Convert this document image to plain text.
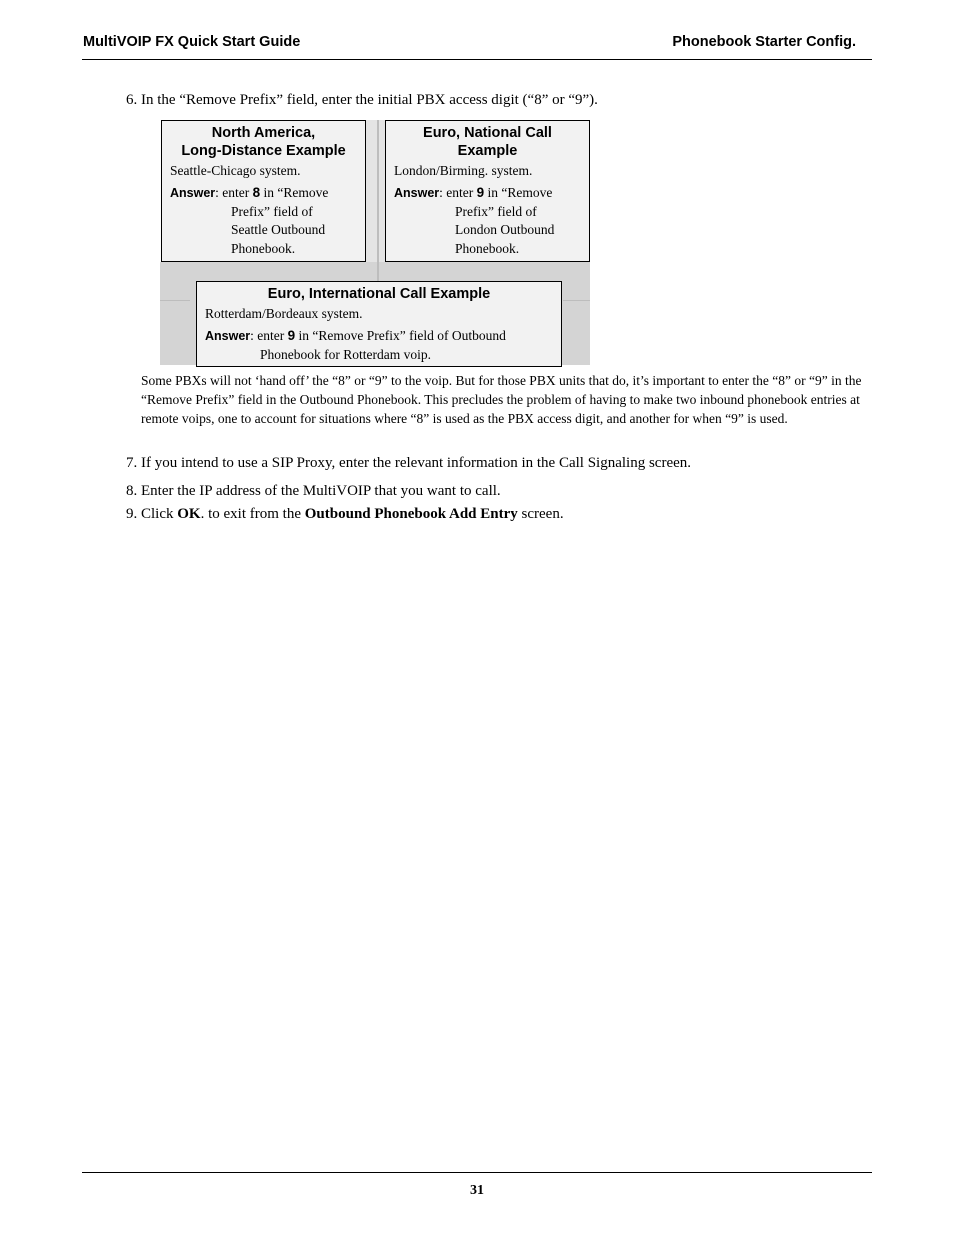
MultiVOIP FX Quick Start Guide	Phonebook Starter Config.
6. In the “Remove Prefix” field, enter the initial PBX access digit (“8” or “9”).
North America,
Long-Distance Example
Seattle-Chicago system.
Answer: enter 8 in “Remove
Prefix” field of
Seattle Outbound
Phonebook.
Euro, National Call
Example
London/Birming. system.
Answer: enter 9 in “Remove
Prefix” field of
London Outbound
Phonebook.
Euro, International Call Example
Rotterdam/Bordeaux system.
Answer: enter 9 in “Remove Prefix” field of Outbound
Phonebook for Rotterdam voip.
Some PBXs will not ‘hand off’ the “8” or “9” to the voip. But for those PBX units that do, it’s important to enter the “8” or “9” in the “Remove Prefix” field in the Outbound Phonebook. This precludes the problem of having to make two inbound phonebook entries at remote voips, one to account for situations where “8” is used as the PBX access digit, and another for when “9” is used.
7. If you intend to use a SIP Proxy, enter the relevant information in the Call Signaling screen.
8. Enter the IP address of the MultiVOIP that you want to call.
9. Click OK. to exit from the Outbound Phonebook Add Entry screen.
31
